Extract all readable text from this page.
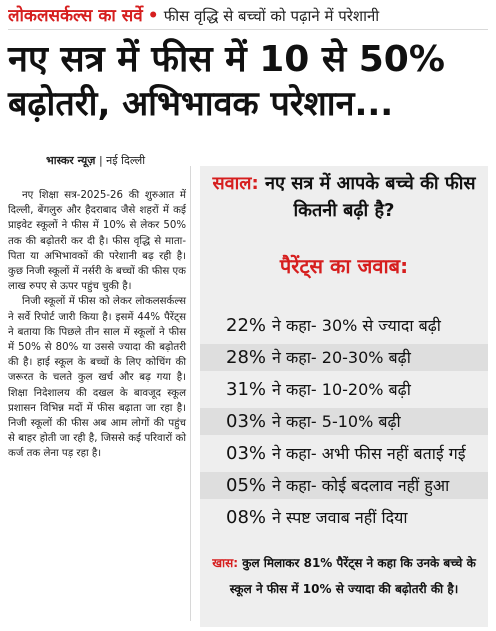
लोकलसर्कल्स का सर्वे • फीस वृद्धि से बच्चों को पढ़ाने में परेशानी
नए सत्र में फीस में 10 से 50%
बढ़ोतरी, अभिभावक परेशान...
भास्कर न्यूज़ | नई दिल्ली

नए शिक्षा सत्र-2025-26 की शुरुआत में दिल्ली, बेंगलुरु और हैदराबाद जैसे शहरों में कई प्राइवेट स्कूलों ने फीस में 10% से लेकर 50% तक की बढ़ोतरी कर दी है। फीस वृद्धि से माता-पिता या अभिभावकों की परेशानी बढ़ रही है। कुछ निजी स्कूलों में नर्सरी के बच्चों की फीस एक लाख रुपए से ऊपर पहुंच चुकी है।

निजी स्कूलों में फीस को लेकर लोकलसर्कल्स ने सर्वे रिपोर्ट जारी किया है। इसमें 44% पैरेंट्स ने बताया कि पिछले तीन साल में स्कूलों ने फीस में 50% से 80% या उससे ज्यादा की बढ़ोतरी की है। हाई स्कूल के बच्चों के लिए कोचिंग की जरूरत के चलते कुल खर्च और बढ़ गया है। शिक्षा निदेशालय की दखल के बावजूद स्कूल प्रशासन विभिन्न मदों में फीस बढ़ाता जा रहा है। निजी स्कूलों की फीस अब आम लोगों की पहुंच से बाहर होती जा रही है, जिससे कई परिवारों को कर्ज तक लेना पड़ रहा है।

सवाल: नए सत्र में आपके बच्चे की फीस कितनी बढ़ी है?
पैरेंट्स का जवाब:
22% ने कहा- 30% से ज्यादा बढ़ी
28% ने कहा- 20-30% बढ़ी
31% ने कहा- 10-20% बढ़ी
03% ने कहा- 5-10% बढ़ी
03% ने कहा- अभी फीस नहीं बताई गई
05% ने कहा- कोई बदलाव नहीं हुआ
08% ने स्पष्ट जवाब नहीं दिया
खास: कुल मिलाकर 81% पैरेंट्स ने कहा कि उनके बच्चे के स्कूल ने फीस में 10% से ज्यादा की बढ़ोतरी की है।
